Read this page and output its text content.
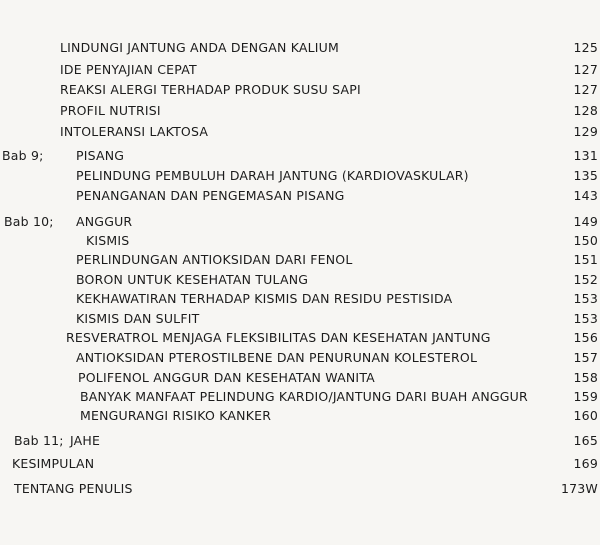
LINDUNGI JANTUNG ANDA DENGAN KALIUM	125
IDE PENYAJIAN CEPAT	127
REAKSI ALERGI TERHADAP PRODUK SUSU SAPI	127
PROFIL NUTRISI	128
INTOLERANSI LAKTOSA	129
Bab 9;	PISANG	131
PELINDUNG PEMBULUH DARAH JANTUNG (KARDIOVASKULAR)	135
PENANGANAN DAN PENGEMASAN PISANG	143
Bab 10; ANGGUR	149
KISMIS	150
PERLINDUNGAN ANTIOKSIDAN DARI FENOL	151
BORON UNTUK KESEHATAN TULANG	152
KEKHAWATIRAN TERHADAP KISMIS DAN RESIDU PESTISIDA	153
KISMIS DAN SULFIT	153
RESVERATROL MENJAGA FLEKSIBILITAS DAN KESEHATAN JANTUNG	156
ANTIOKSIDAN PTEROSTILBENE DAN PENURUNAN KOLESTEROL	157
POLIFENOL ANGGUR DAN KESEHATAN WANITA	158
BANYAK MANFAAT PELINDUNG KARDIO/JANTUNG DARI BUAH ANGGUR	159
MENGURANGI RISIKO KANKER	160
Bab 11; JAHE	165
KESIMPULAN	169
TENTANG PENULIS	173W
